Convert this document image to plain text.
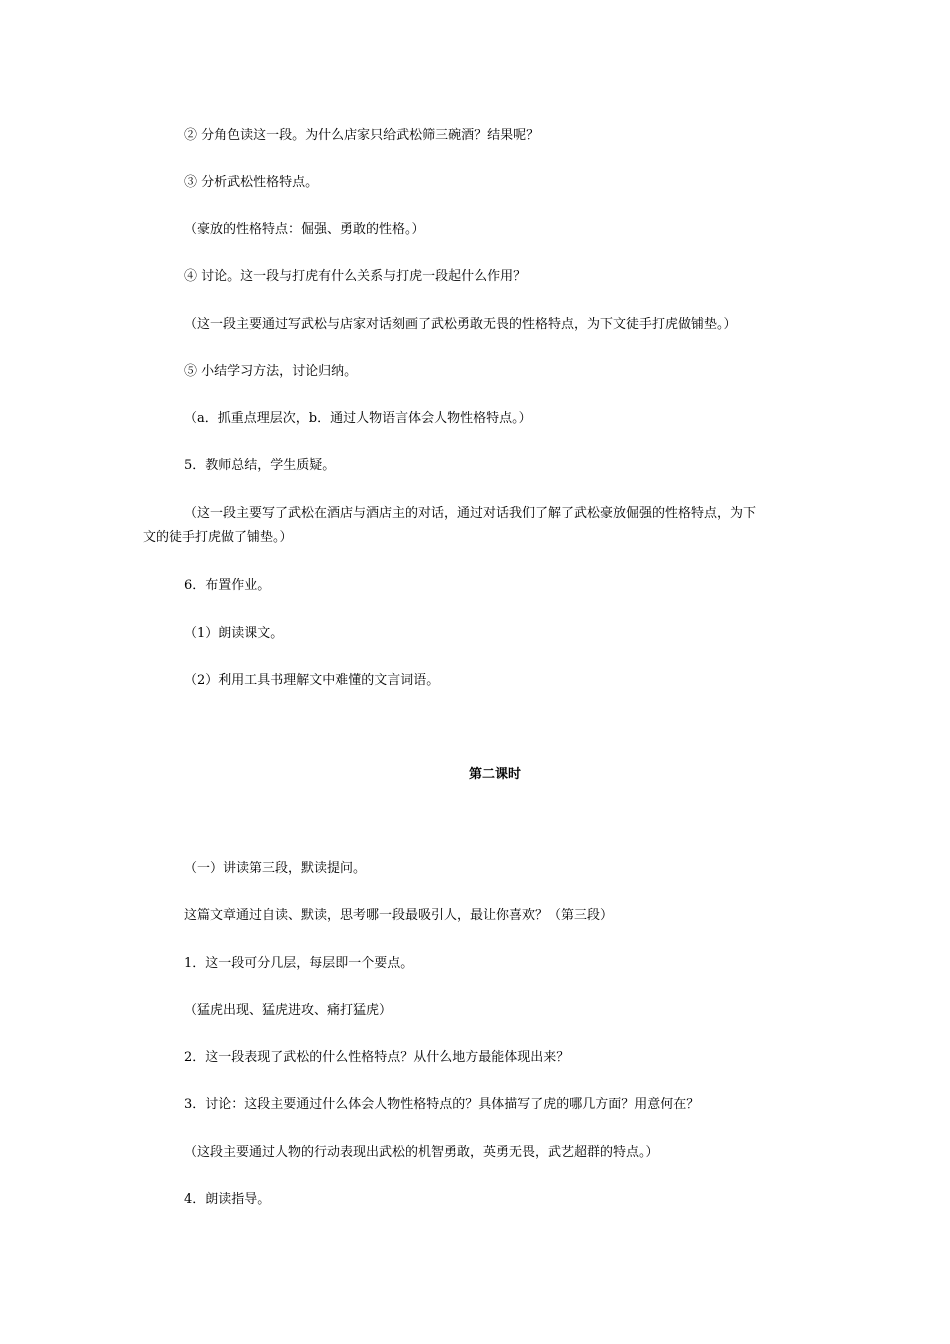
② 分角色读这一段。为什么店家只给武松筛三碗酒？结果呢？
③ 分析武松性格特点。
（豪放的性格特点：倔强、勇敢的性格。）
④ 讨论。这一段与打虎有什么关系与打虎一段起什么作用？
（这一段主要通过写武松与店家对话刻画了武松勇敢无畏的性格特点，为下文徒手打虎做铺垫。）
⑤ 小结学习方法，讨论归纳。
（a．抓重点理层次，b．通过人物语言体会人物性格特点。）
5．教师总结，学生质疑。
（这一段主要写了武松在酒店与酒店主的对话，通过对话我们了解了武松豪放倔强的性格特点，为下
文的徒手打虎做了铺垫。）
6．布置作业。
（1）朗读课文。
（2）利用工具书理解文中难懂的文言词语。
第二课时
（一）讲读第三段，默读提问。
这篇文章通过自读、默读，思考哪一段最吸引人，最让你喜欢？（第三段）
1．这一段可分几层，每层即一个要点。
（猛虎出现、猛虎进攻、痛打猛虎）
2．这一段表现了武松的什么性格特点？从什么地方最能体现出来？
3．讨论：这段主要通过什么体会人物性格特点的？具体描写了虎的哪几方面？用意何在？
（这段主要通过人物的行动表现出武松的机智勇敢，英勇无畏，武艺超群的特点。）
4．朗读指导。
